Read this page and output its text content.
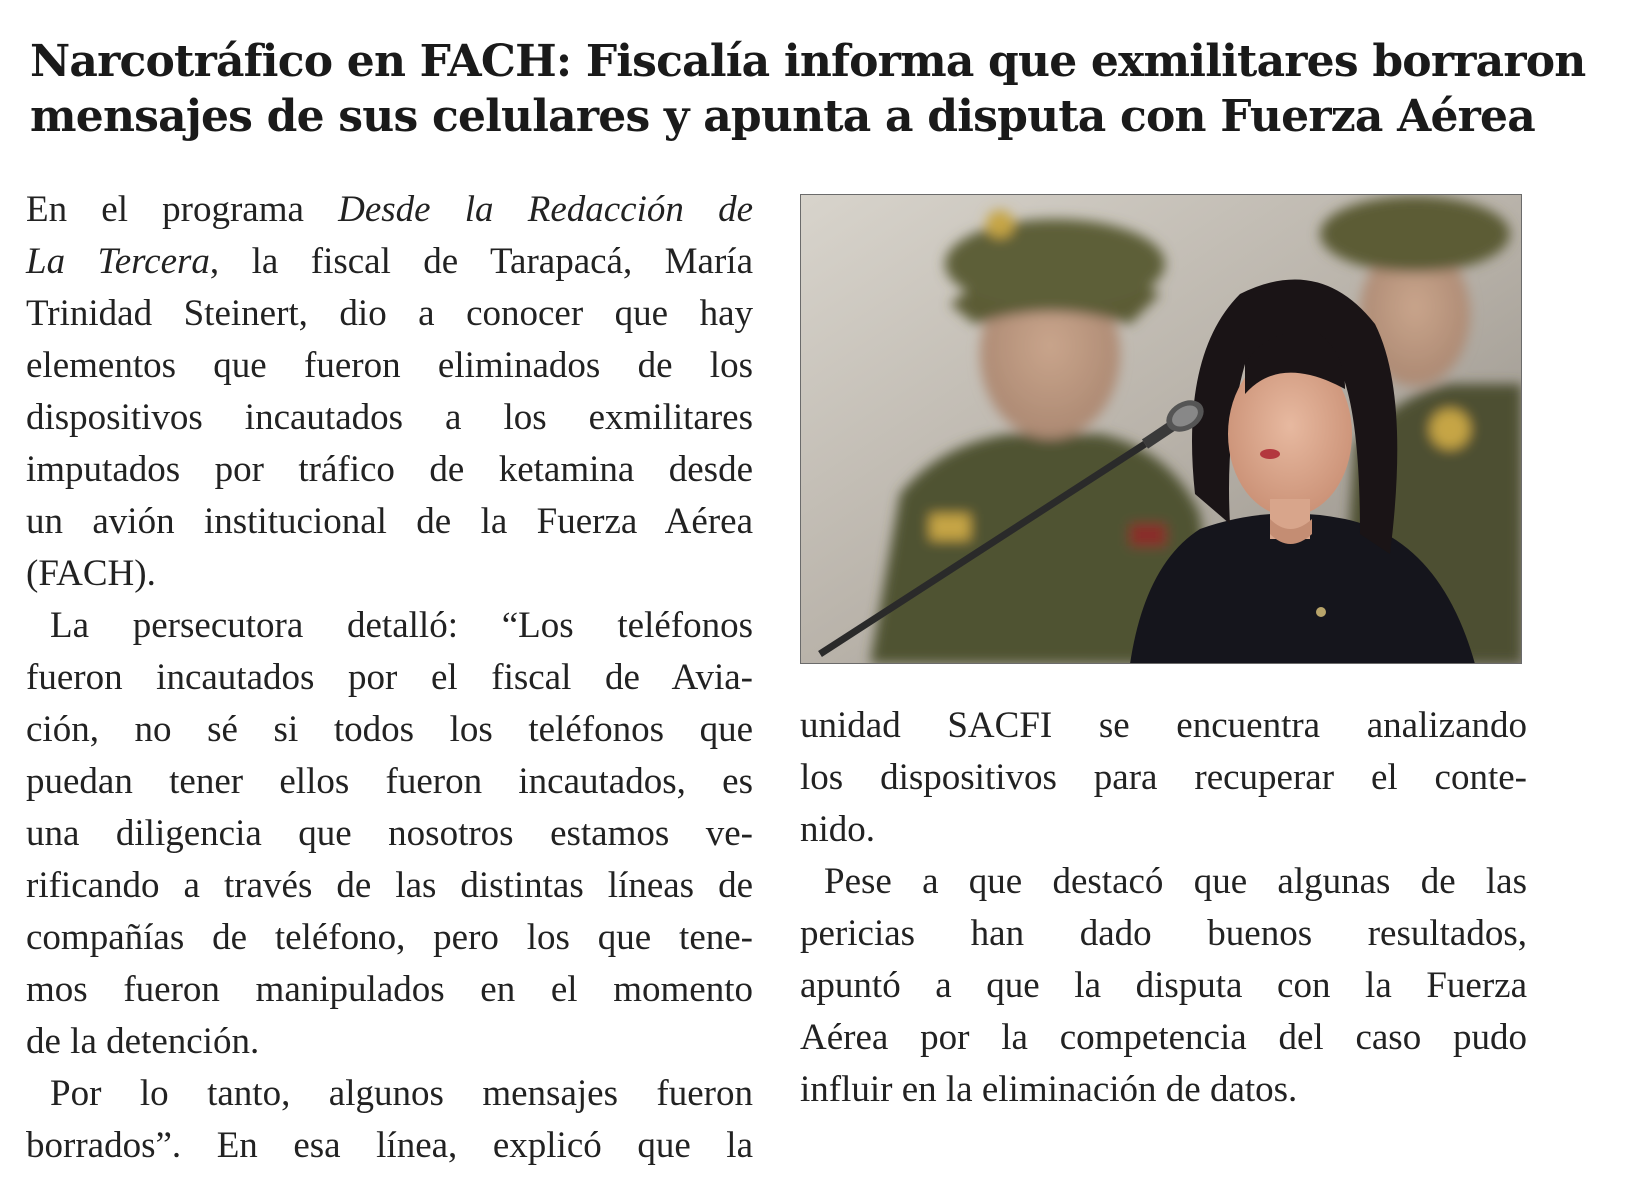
Narcotráfico en FACH: Fiscalía informa que exmilitares borraron
mensajes de sus celulares y apunta a disputa con Fuerza Aérea
En el programa Desde la Redacción de
La Tercera, la fiscal de Tarapacá, María
Trinidad Steinert, dio a conocer que hay
elementos que fueron eliminados de los
dispositivos incautados a los exmilitares
imputados por tráfico de ketamina desde
un avión institucional de la Fuerza Aérea
(FACH).
La persecutora detalló: “Los teléfonos
fueron incautados por el fiscal de Avia-
ción, no sé si todos los teléfonos que
puedan tener ellos fueron incautados, es
una diligencia que nosotros estamos ve-
rificando a través de las distintas líneas de
compañías de teléfono, pero los que tene-
mos fueron manipulados en el momento
de la detención.
Por lo tanto, algunos mensajes fueron
borrados”. En esa línea, explicó que la
unidad SACFI se encuentra analizando
los dispositivos para recuperar el conte-
nido.
Pese a que destacó que algunas de las
pericias han dado buenos resultados,
apuntó a que la disputa con la Fuerza
Aérea por la competencia del caso pudo
influir en la eliminación de datos.
